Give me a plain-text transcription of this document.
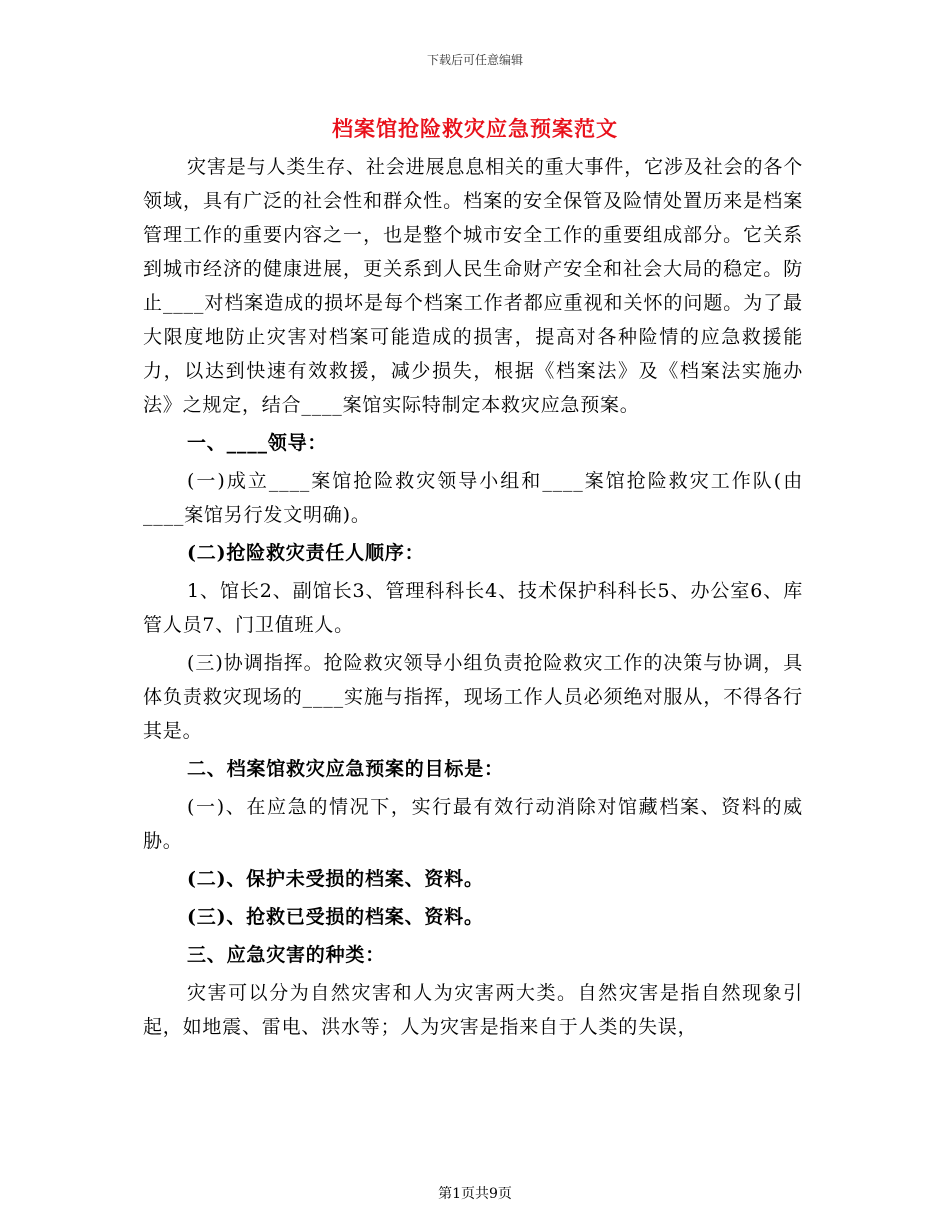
下载后可任意编辑
档案馆抢险救灾应急预案范文

灾害是与人类生存、社会进展息息相关的重大事件，它涉及社会的各个领域，具有广泛的社会性和群众性。档案的安全保管及险情处置历来是档案管理工作的重要内容之一，也是整个城市安全工作的重要组成部分。它关系到城市经济的健康进展，更关系到人民生命财产安全和社会大局的稳定。防止____对档案造成的损坏是每个档案工作者都应重视和关怀的问题。为了最大限度地防止灾害对档案可能造成的损害，提高对各种险情的应急救援能力，以达到快速有效救援，减少损失，根据《档案法》及《档案法实施办法》之规定，结合____案馆实际特制定本救灾应急预案。

一、____领导：

(一)成立____案馆抢险救灾领导小组和____案馆抢险救灾工作队(由____案馆另行发文明确)。

(二)抢险救灾责任人顺序：

1、馆长2、副馆长3、管理科科长4、技术保护科科长5、办公室6、库管人员7、门卫值班人。

(三)协调指挥。抢险救灾领导小组负责抢险救灾工作的决策与协调，具体负责救灾现场的____实施与指挥，现场工作人员必须绝对服从，不得各行其是。

二、档案馆救灾应急预案的目标是：

(一)、在应急的情况下，实行最有效行动消除对馆藏档案、资料的威胁。

(二)、保护未受损的档案、资料。

(三)、抢救已受损的档案、资料。

三、应急灾害的种类：

灾害可以分为自然灾害和人为灾害两大类。自然灾害是指自然现象引起，如地震、雷电、洪水等；人为灾害是指来自于人类的失误，

第1页共9页
